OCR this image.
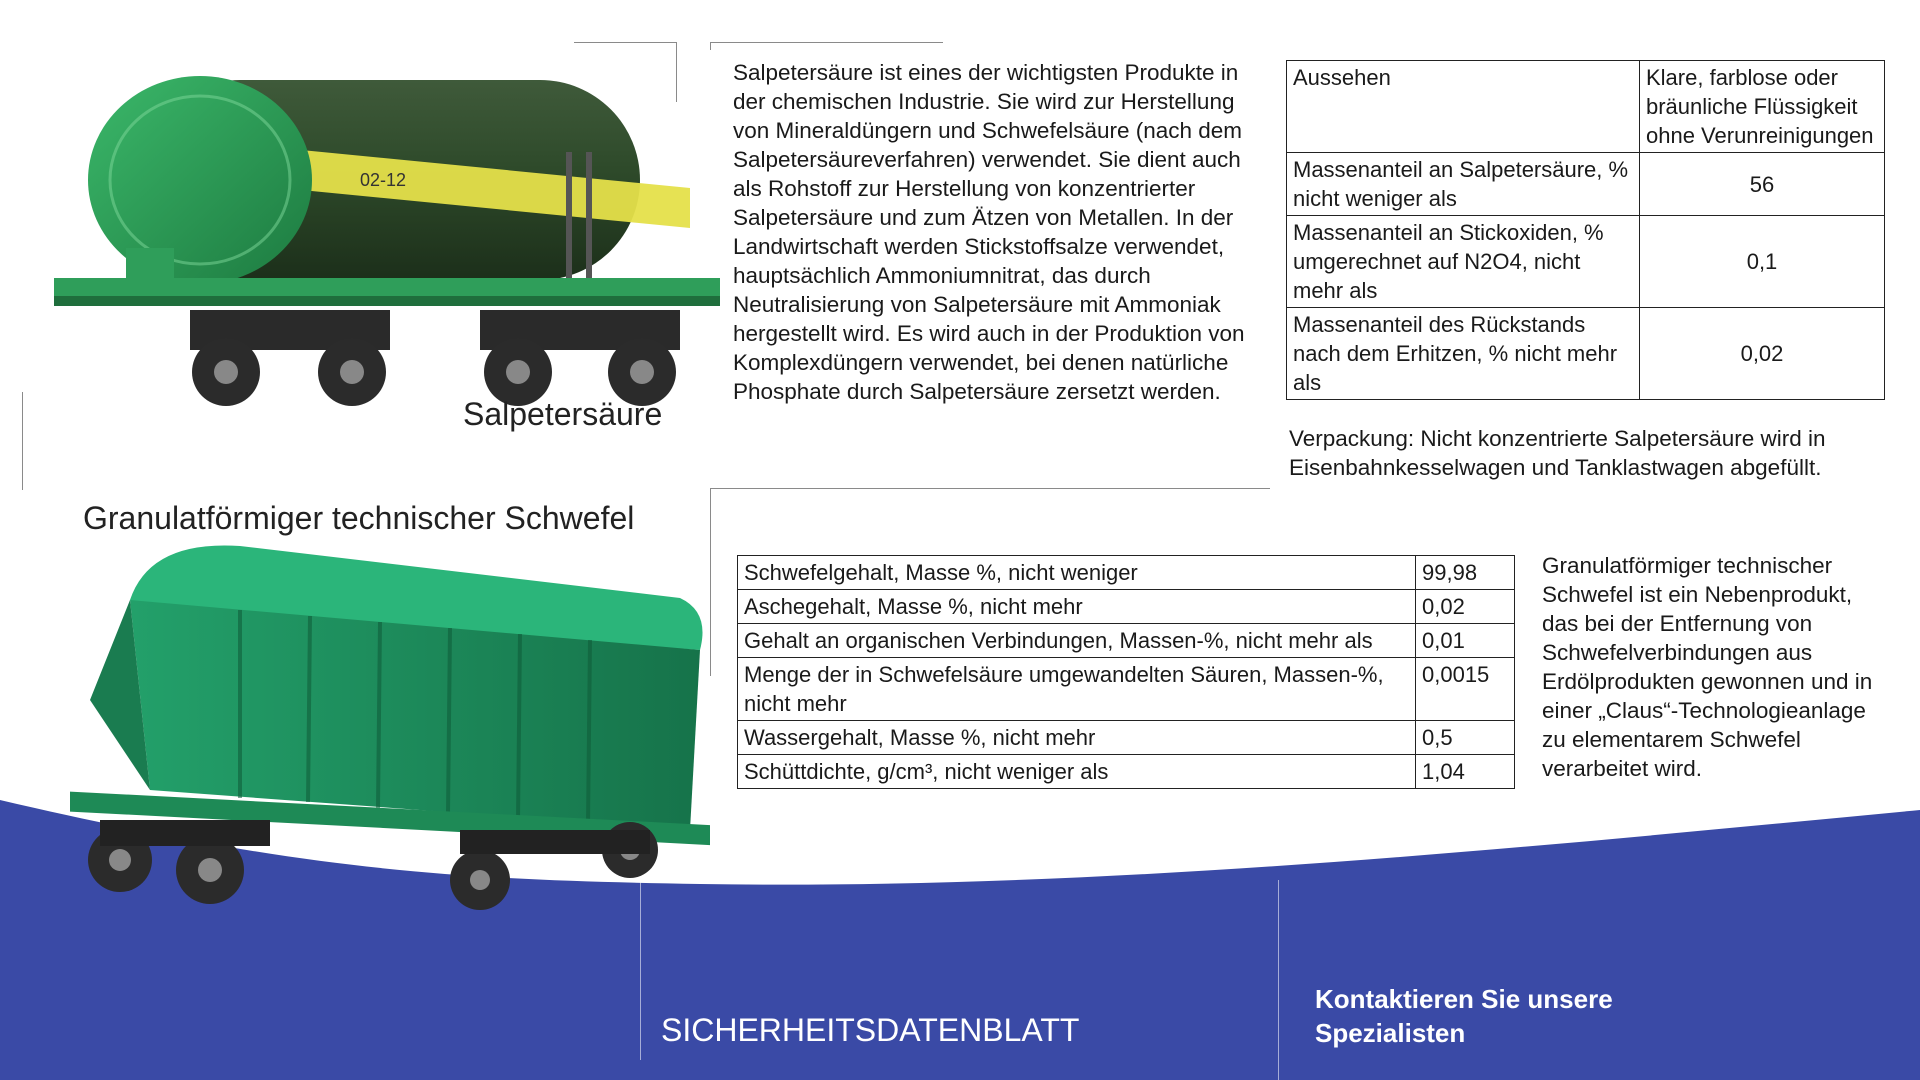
02-12
Salpetersäure
Salpetersäure ist eines der wichtigsten Produkte in der chemischen Industrie. Sie wird zur Herstellung von Mineraldüngern und Schwefelsäure (nach dem Salpetersäureverfahren) verwendet. Sie dient auch als Rohstoff zur Herstellung von konzentrierter Salpetersäure und zum Ätzen von Metallen. In der Landwirtschaft werden Stickstoffsalze verwendet, hauptsächlich Ammoniumnitrat, das durch Neutralisierung von Salpetersäure mit Ammoniak hergestellt wird. Es wird auch in der Produktion von Komplexdüngern verwendet, bei denen natürliche Phosphate durch Salpetersäure zersetzt werden.
Aussehen	Klare, farblose oder bräunliche Flüssigkeit ohne Verunreinigungen
Massenanteil an Salpetersäure, % nicht weniger als	56
Massenanteil an Stickoxiden, % umgerechnet auf N2O4, nicht mehr als	0,1
Massenanteil des Rückstands nach dem Erhitzen, % nicht mehr als	0,02
Verpackung: Nicht konzentrierte Salpetersäure wird in Eisenbahnkesselwagen und Tanklastwagen abgefüllt.
Granulatförmiger technischer Schwefel
Schwefelgehalt, Masse %, nicht weniger	99,98
Aschegehalt, Masse %, nicht mehr	0,02
Gehalt an organischen Verbindungen, Massen-%, nicht mehr als	0,01
Menge der in Schwefelsäure umgewandelten Säuren, Massen-%, nicht mehr	0,0015
Wassergehalt, Masse %, nicht mehr	0,5
Schüttdichte, g/cm³, nicht weniger als	1,04
Granulatförmiger technischer Schwefel ist ein Nebenprodukt, das bei der Entfernung von Schwefelverbindungen aus Erdölprodukten gewonnen und in einer „Claus“-Technologieanlage zu elementarem Schwefel verarbeitet wird.
SICHERHEITSDATENBLATT
Kontaktieren Sie unsere Spezialisten
